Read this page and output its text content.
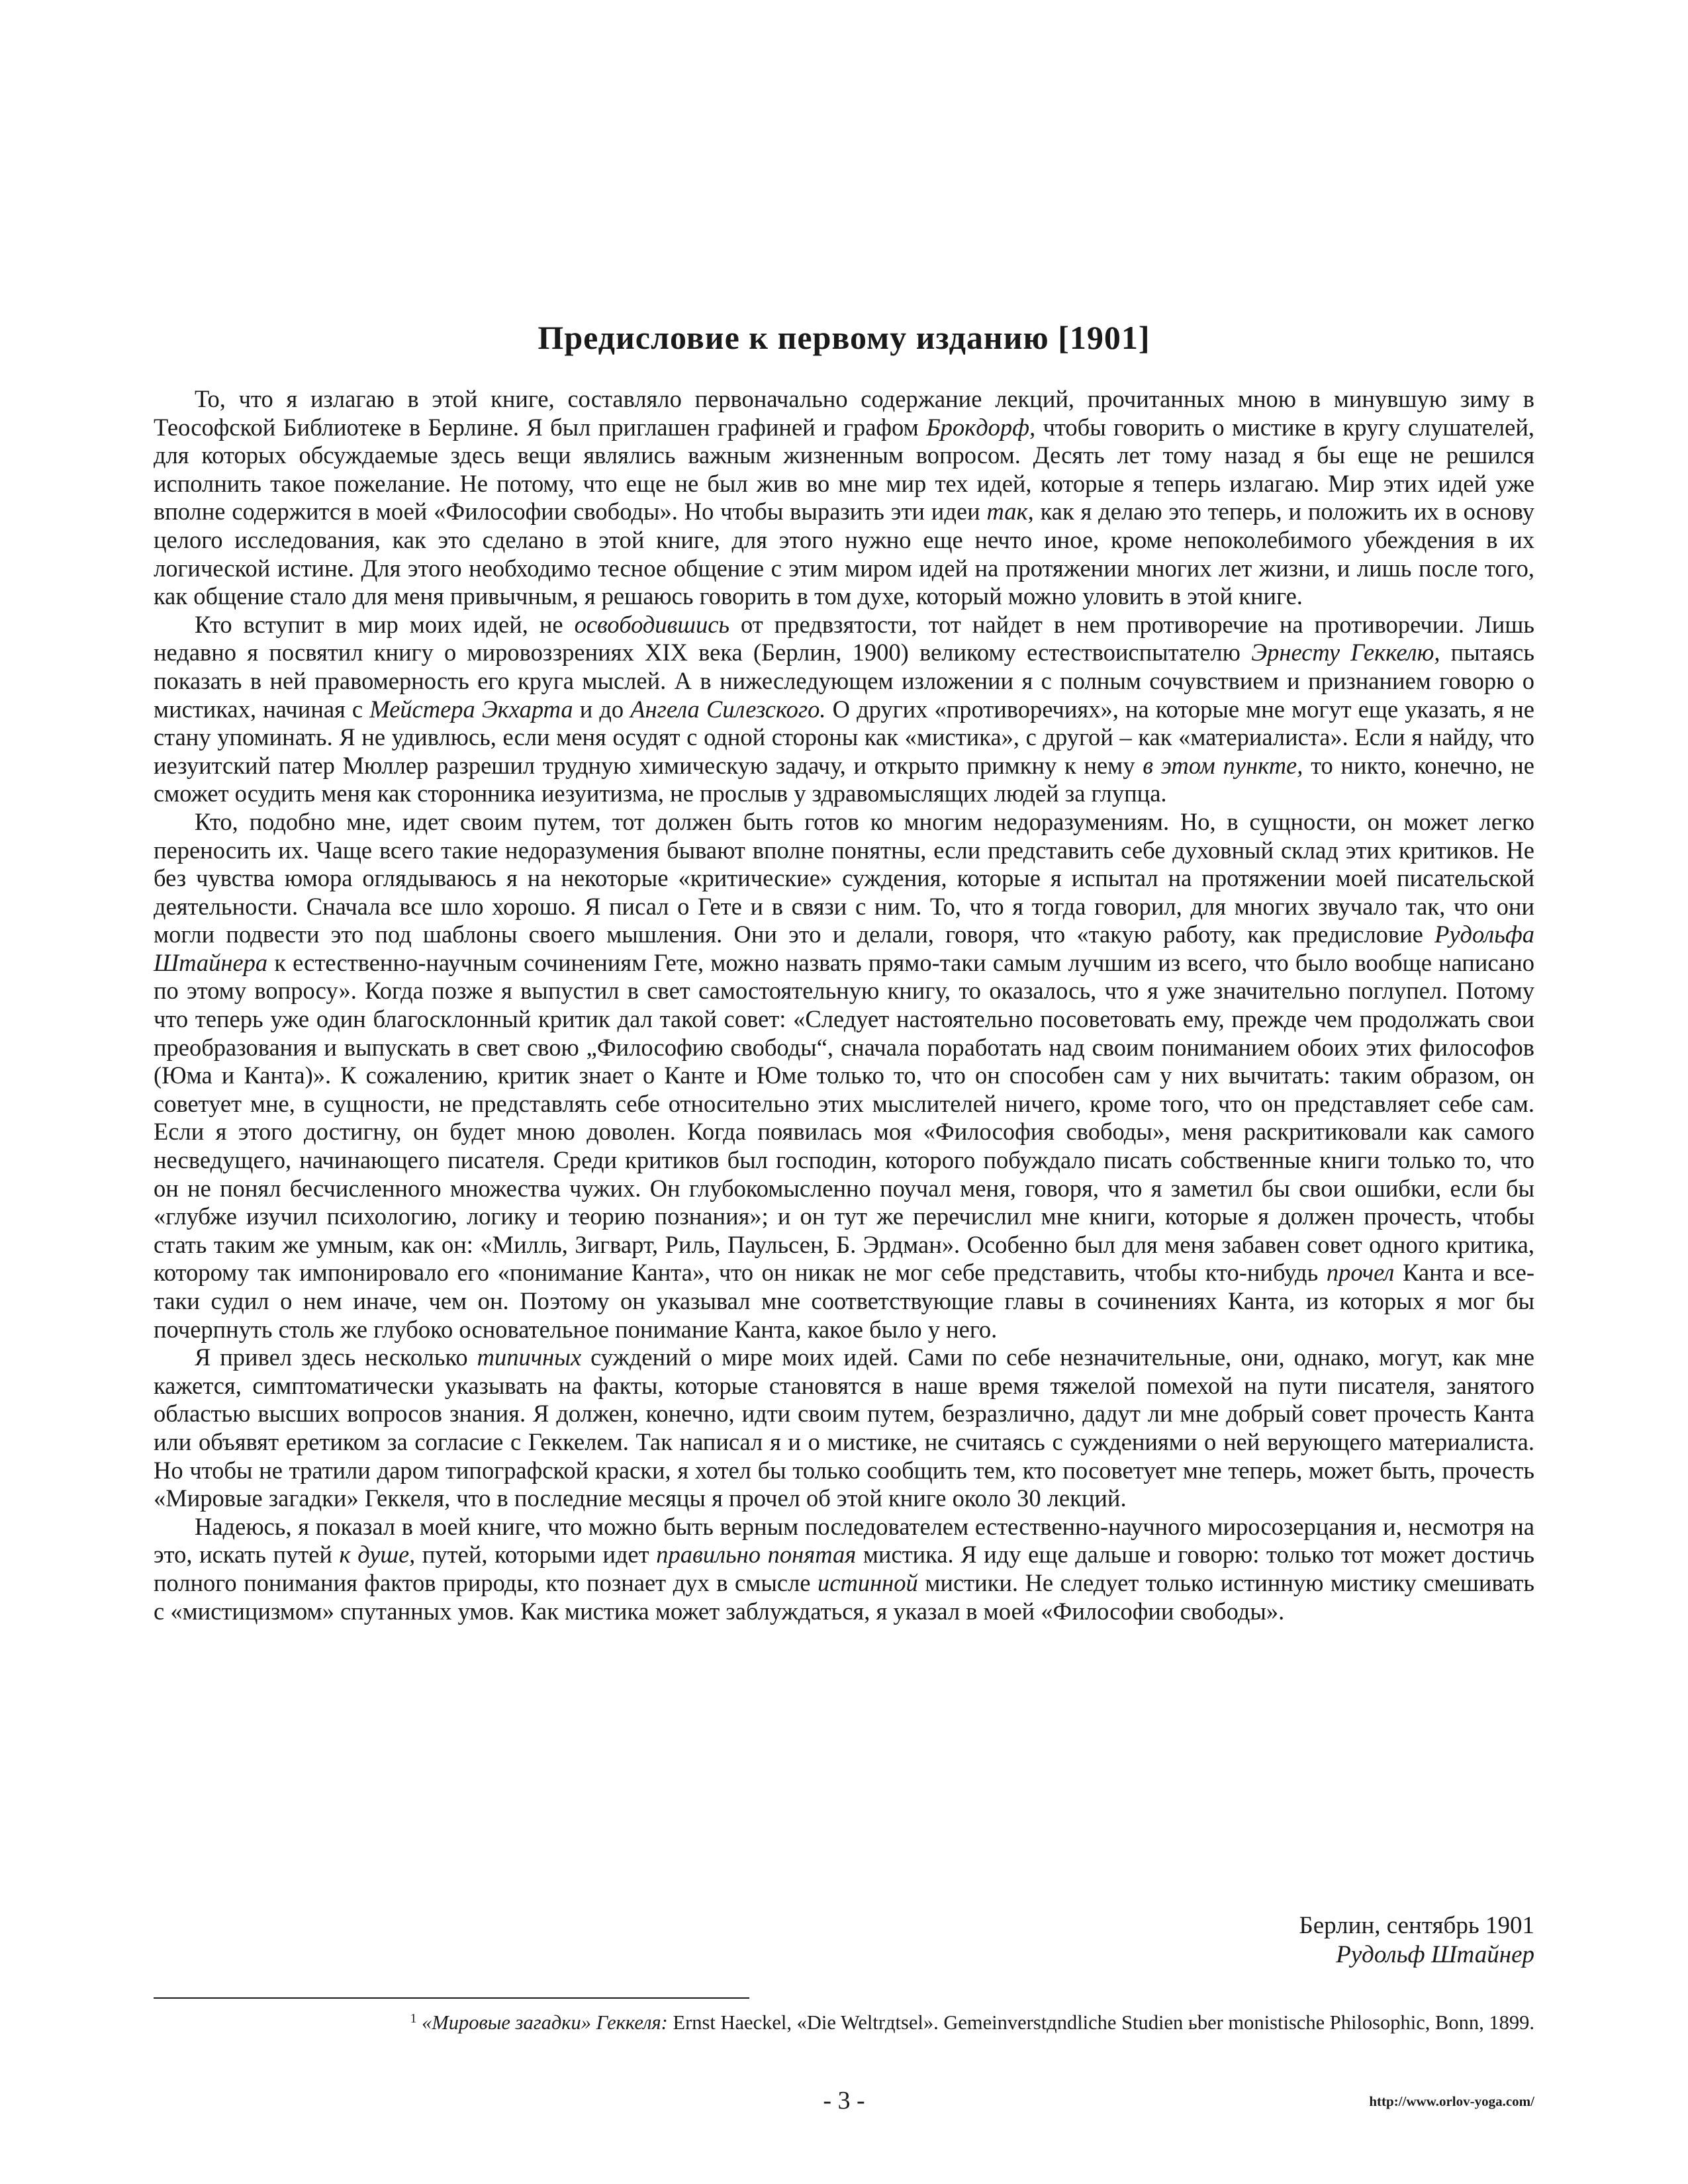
Предисловие к первому изданию [1901]

То, что я излагаю в этой книге, составляло первоначально содержание лекций, прочитанных мною в минувшую зиму в Теософской Библиотеке в Берлине. Я был приглашен графиней и графом Брокдорф, чтобы говорить о мистике в кругу слушателей, для которых обсуждаемые здесь вещи являлись важным жизненным вопросом. Десять лет тому назад я бы еще не решился исполнить такое пожелание. Не потому, что еще не был жив во мне мир тех идей, которые я теперь излагаю. Мир этих идей уже вполне содержится в моей «Философии свободы». Но чтобы выразить эти идеи так, как я делаю это теперь, и положить их в основу целого исследования, как это сделано в этой книге, для этого нужно еще нечто иное, кроме непоколебимого убеждения в их логической истине. Для этого необходимо тесное общение с этим миром идей на протяжении многих лет жизни, и лишь после того, как общение стало для меня привычным, я решаюсь говорить в том духе, который можно уловить в этой книге.

Кто вступит в мир моих идей, не освободившись от предвзятости, тот найдет в нем противоречие на противоречии. Лишь недавно я посвятил книгу о мировоззрениях XIX века (Берлин, 1900) великому естествоиспытателю Эрнесту Геккелю, пытаясь показать в ней правомерность его круга мыслей. А в нижеследующем изложении я с полным сочувствием и признанием говорю о мистиках, начиная с Мейстера Экхарта и до Ангела Силезского. О других «противоречиях», на которые мне могут еще указать, я не стану упоминать. Я не удивлюсь, если меня осудят с одной стороны как «мистика», с другой – как «материалиста». Если я найду, что иезуитский патер Мюллер разрешил трудную химическую задачу, и открыто примкну к нему в этом пункте, то никто, конечно, не сможет осудить меня как сторонника иезуитизма, не прослыв у здравомыслящих людей за глупца.

Кто, подобно мне, идет своим путем, тот должен быть готов ко многим недоразумениям. Но, в сущности, он может легко переносить их. Чаще всего такие недоразумения бывают вполне понятны, если представить себе духовный склад этих критиков. Не без чувства юмора оглядываюсь я на некоторые «критические» суждения, которые я испытал на протяжении моей писательской деятельности. Сначала все шло хорошо. Я писал о Гете и в связи с ним. То, что я тогда говорил, для многих звучало так, что они могли подвести это под шаблоны своего мышления. Они это и делали, говоря, что «такую работу, как предисловие Рудольфа Штайнера к естественно-научным сочинениям Гете, можно назвать прямо-таки самым лучшим из всего, что было вообще написано по этому вопросу». Когда позже я выпустил в свет самостоятельную книгу, то оказалось, что я уже значительно поглупел. Потому что теперь уже один благосклонный критик дал такой совет: «Следует настоятельно посоветовать ему, прежде чем продолжать свои преобразования и выпускать в свет свою „Философию свободы“, сначала поработать над своим пониманием обоих этих философов (Юма и Канта)». К сожалению, критик знает о Канте и Юме только то, что он способен сам у них вычитать: таким образом, он советует мне, в сущности, не представлять себе относительно этих мыслителей ничего, кроме того, что он представляет себе сам. Если я этого достигну, он будет мною доволен. Когда появилась моя «Философия свободы», меня раскритиковали как самого несведущего, начинающего писателя. Среди критиков был господин, которого побуждало писать собственные книги только то, что он не понял бесчисленного множества чужих. Он глубокомысленно поучал меня, говоря, что я заметил бы свои ошибки, если бы «глубже изучил психологию, логику и теорию познания»; и он тут же перечислил мне книги, которые я должен прочесть, чтобы стать таким же умным, как он: «Милль, Зигварт, Риль, Паульсен, Б. Эрдман». Особенно был для меня забавен совет одного критика, которому так импонировало его «понимание Канта», что он никак не мог себе представить, чтобы кто-нибудь прочел Канта и все-таки судил о нем иначе, чем он. Поэтому он указывал мне соответствующие главы в сочинениях Канта, из которых я мог бы почерпнуть столь же глубоко основательное понимание Канта, какое было у него.

Я привел здесь несколько типичных суждений о мире моих идей. Сами по себе незначительные, они, однако, могут, как мне кажется, симптоматически указывать на факты, которые становятся в наше время тяжелой помехой на пути писателя, занятого областью высших вопросов знания. Я должен, конечно, идти своим путем, безразлично, дадут ли мне добрый совет прочесть Канта или объявят еретиком за согласие с Геккелем. Так написал я и о мистике, не считаясь с суждениями о ней верующего материалиста. Но чтобы не тратили даром типографской краски, я хотел бы только сообщить тем, кто посоветует мне теперь, может быть, прочесть «Мировые загадки» Геккеля, что в последние месяцы я прочел об этой книге около 30 лекций.

Надеюсь, я показал в моей книге, что можно быть верным последователем естественно-научного миросозерцания и, несмотря на это, искать путей к душе, путей, которыми идет правильно понятая мистика. Я иду еще дальше и говорю: только тот может достичь полного понимания фактов природы, кто познает дух в смысле истинной мистики. Не следует только истинную мистику смешивать с «мистицизмом» спутанных умов. Как мистика может заблуждаться, я указал в моей «Философии свободы».

Берлин, сентябрь 1901
Рудольф Штайнер
$^1$ «Мировые загадки» Геккеля: Ernst Haeckel, «Die Weltrдtsel». Gemeinverstдndliche Studien ьber monistische Philosophic, Bonn, 1899.
- 3 -	http://www.orlov-yoga.com/
